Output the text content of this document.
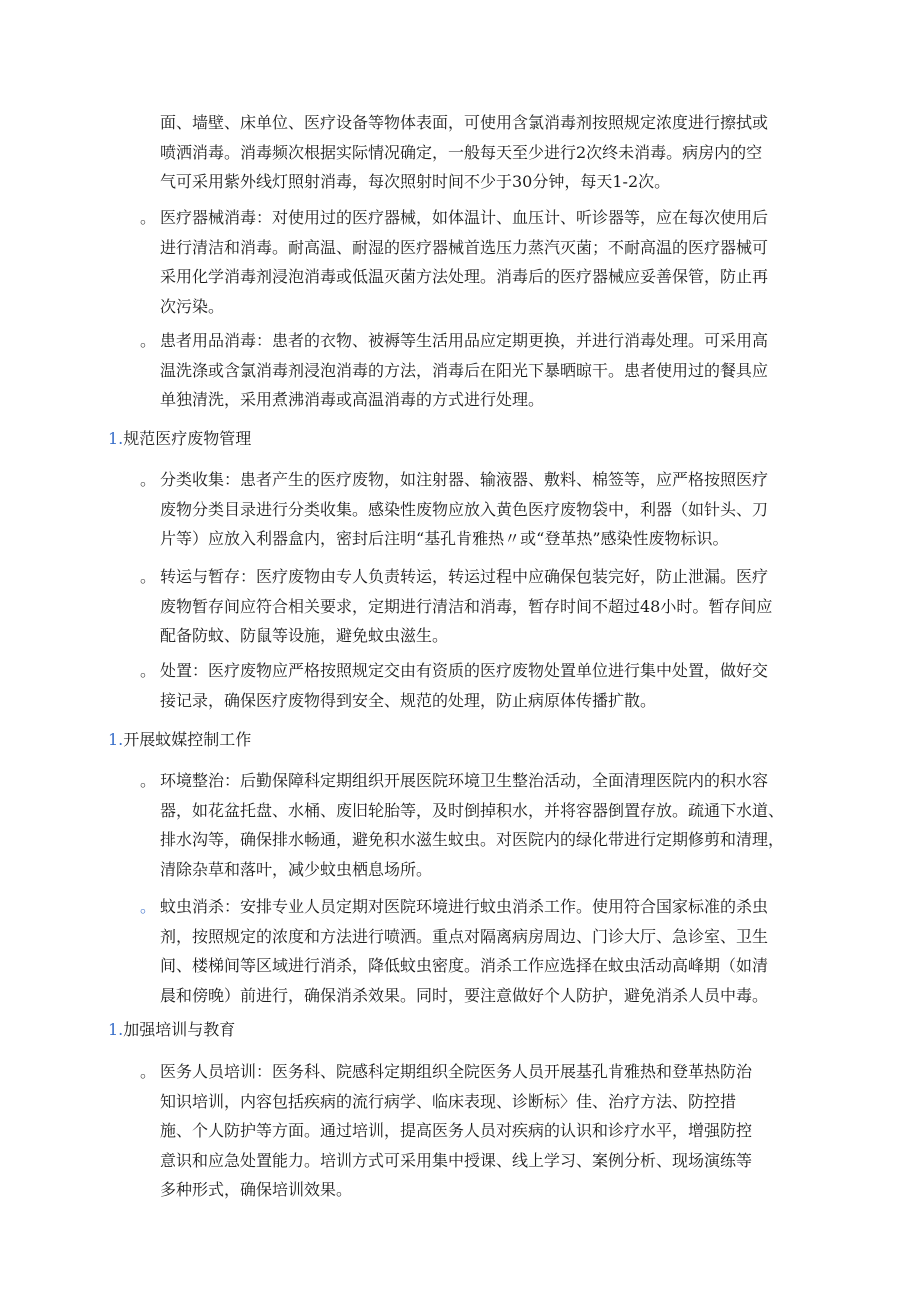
面、墙壁、床单位、医疗设备等物体表面，可使用含氯消毒剂按照规定浓度进行擦拭或
喷洒消毒。消毒频次根据实际情况确定，一般每天至少进行2次终未消毒。病房内的空
气可采用紫外线灯照射消毒，每次照射时间不少于30分钟，每天1-2次。
。 医疗器械消毒：对使用过的医疗器械，如体温计、血压计、听诊器等，应在每次使用后
进行清洁和消毒。耐高温、耐湿的医疗器械首选压力蒸汽灭菌；不耐高温的医疗器械可
采用化学消毒剂浸泡消毒或低温灭菌方法处理。消毒后的医疗器械应妥善保管，防止再
次污染。
。 患者用品消毒：患者的衣物、被褥等生活用品应定期更换，并进行消毒处理。可采用高
温洗涤或含氯消毒剂浸泡消毒的方法，消毒后在阳光下暴晒晾干。患者使用过的餐具应
单独清洗，采用煮沸消毒或高温消毒的方式进行处理。
1.规范医疗废物管理
。 分类收集：患者产生的医疗废物，如注射器、输液器、敷料、棉签等，应严格按照医疗
废物分类目录进行分类收集。感染性废物应放入黄色医疗废物袋中，利器（如针头、刀
片等）应放入利器盒内，密封后注明“基孔肯雅热〃或“登革热”感染性废物标识。
。 转运与暂存：医疗废物由专人负责转运，转运过程中应确保包装完好，防止泄漏。医疗
废物暂存间应符合相关要求，定期进行清洁和消毒，暂存时间不超过48小时。暂存间应
配备防蚊、防鼠等设施，避免蚊虫滋生。
。 处置：医疗废物应严格按照规定交由有资质的医疗废物处置单位进行集中处置，做好交
接记录，确保医疗废物得到安全、规范的处理，防止病原体传播扩散。
1.开展蚊媒控制工作
。 环境整治：后勤保障科定期组织开展医院环境卫生整治活动，全面清理医院内的积水容
器，如花盆托盘、水桶、废旧轮胎等，及时倒掉积水，并将容器倒置存放。疏通下水道、
排水沟等，确保排水畅通，避免积水滋生蚊虫。对医院内的绿化带进行定期修剪和清理，
清除杂草和落叶，减少蚊虫栖息场所。
。 蚊虫消杀：安排专业人员定期对医院环境进行蚊虫消杀工作。使用符合国家标准的杀虫
剂，按照规定的浓度和方法进行喷洒。重点对隔离病房周边、门诊大厅、急诊室、卫生
间、楼梯间等区域进行消杀，降低蚊虫密度。消杀工作应选择在蚊虫活动高峰期（如清
晨和傍晚）前进行，确保消杀效果。同时，要注意做好个人防护，避免消杀人员中毒。
1.加强培训与教育
。 医务人员培训：医务科、院感科定期组织全院医务人员开展基孔肯雅热和登革热防治
知识培训，内容包括疾病的流行病学、临床表现、诊断标〉佳、治疗方法、防控措
施、个人防护等方面。通过培训，提高医务人员对疾病的认识和诊疗水平，增强防控
意识和应急处置能力。培训方式可采用集中授课、线上学习、案例分析、现场演练等
多种形式，确保培训效果。
